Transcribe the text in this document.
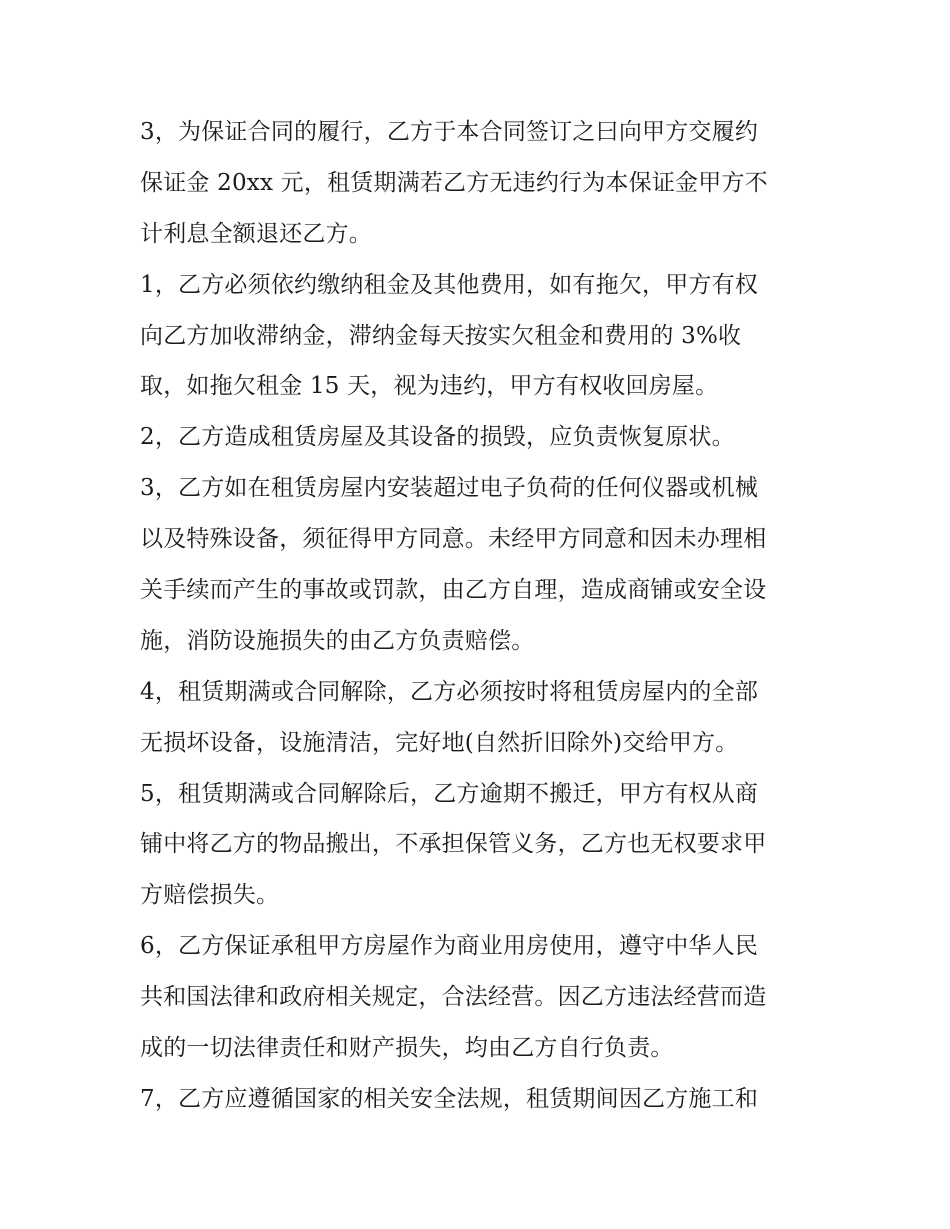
3，为保证合同的履行，乙方于本合同签订之曰向甲方交履约
保证金 20xx 元，租赁期满若乙方无违约行为本保证金甲方不
计利息全额退还乙方。
1，乙方必须依约缴纳租金及其他费用，如有拖欠，甲方有权
向乙方加收滞纳金，滞纳金每天按实欠租金和费用的 3%收
取，如拖欠租金 15 天，视为违约，甲方有权收回房屋。
2，乙方造成租赁房屋及其设备的损毁，应负责恢复原状。
3，乙方如在租赁房屋内安装超过电子负荷的任何仪器或机械
以及特殊设备，须征得甲方同意。未经甲方同意和因未办理相
关手续而产生的事故或罚款，由乙方自理，造成商铺或安全设
施，消防设施损失的由乙方负责赔偿。
4，租赁期满或合同解除，乙方必须按时将租赁房屋内的全部
无损坏设备，设施清洁，完好地(自然折旧除外)交给甲方。
5，租赁期满或合同解除后，乙方逾期不搬迁，甲方有权从商
铺中将乙方的物品搬出，不承担保管义务，乙方也无权要求甲
方赔偿损失。
6，乙方保证承租甲方房屋作为商业用房使用，遵守中华人民
共和国法律和政府相关规定，合法经营。因乙方违法经营而造
成的一切法律责任和财产损失，均由乙方自行负责。
7，乙方应遵循国家的相关安全法规，租赁期间因乙方施工和
